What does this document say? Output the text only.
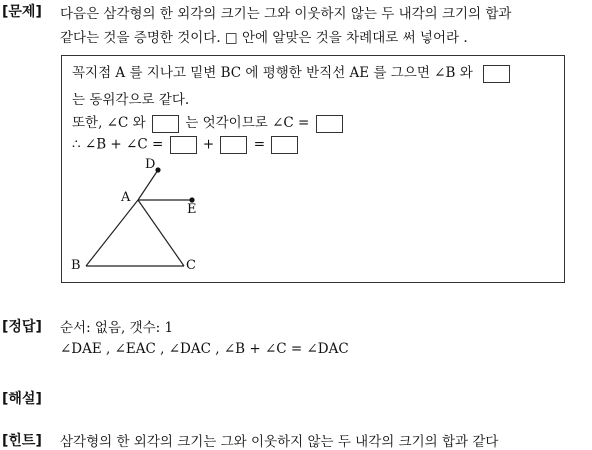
[문제] 다음은 삼각형의 한 외각의 크기는 그와 이웃하지 않는 두 내각의 크기의 합과
같다는 것을 증명한 것이다. □ 안에 알맞은 것을 차례대로 써 넣어라 .
꼭지점 A 를 지나고 밑변 BC 에 평행한 반직선 AE 를 그으면 ∠B 와
는 동위각으로 같다.
또한, ∠C 와	는 엇각이므로 ∠C =
∴ ∠B + ∠C =	+	=
D
A
E
B	C
[정답] 순서: 없음, 갯수: 1
∠DAE , ∠EAC , ∠DAC , ∠B + ∠C = ∠DAC
[해설]
[힌트] 삼각형의 한 외각의 크기는 그와 이웃하지 않는 두 내각의 크기의 합과 같다
